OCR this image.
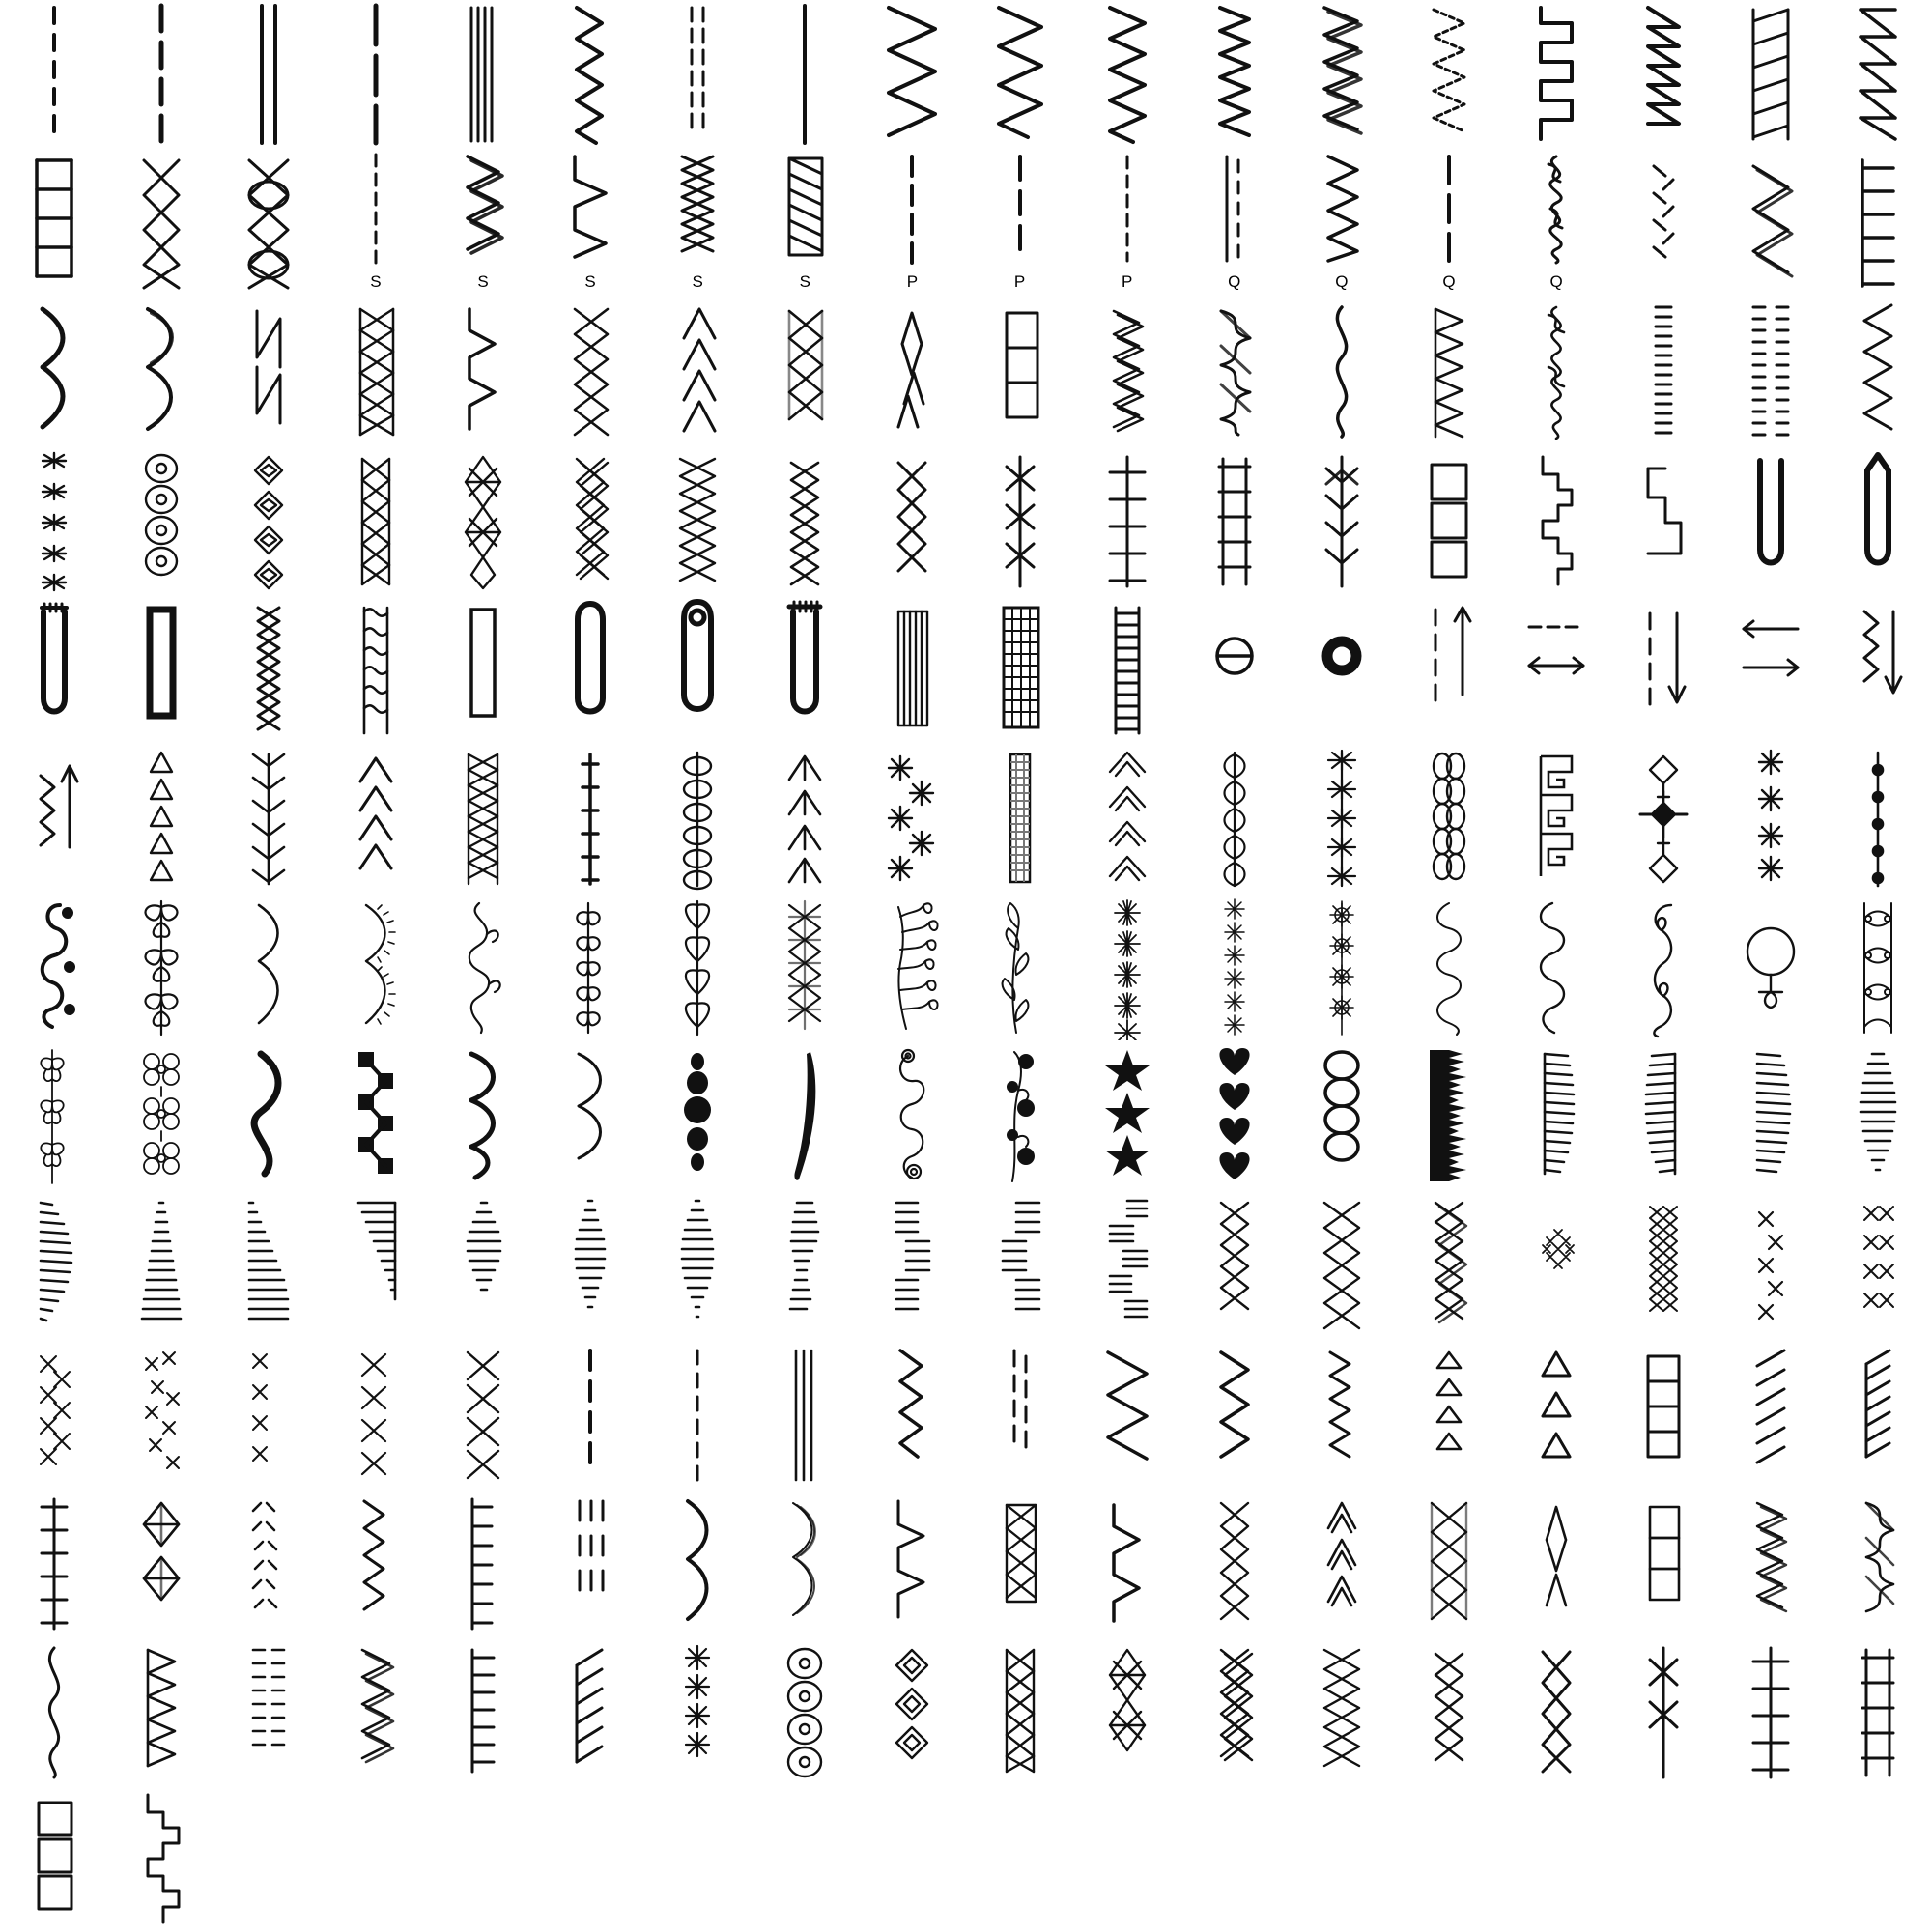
S	S	S	S	S	P	P	P	Q	Q	Q	Q
